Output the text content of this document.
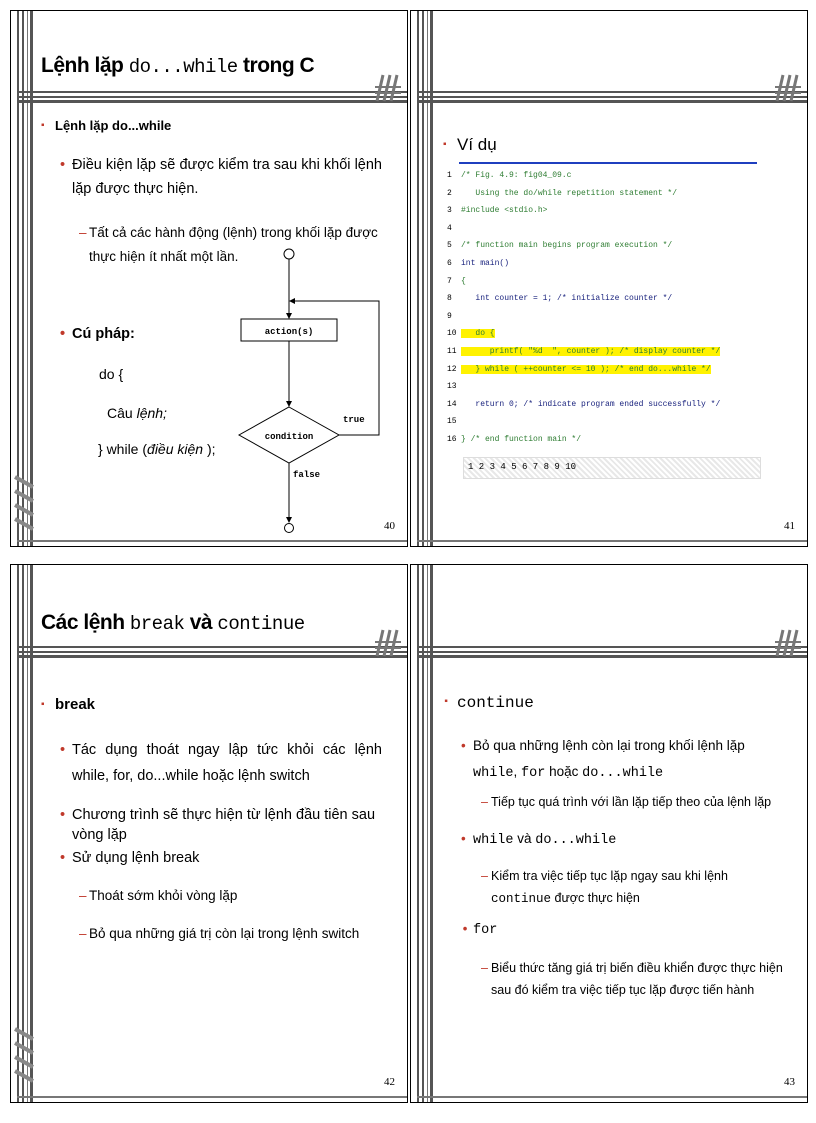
Lệnh lặp do...while trong C
▪ Lệnh lặp do...while
• Điều kiện lặp sẽ được kiểm tra sau khi khối lệnh lặp được thực hiện.
– Tất cả các hành động (lệnh) trong khối lặp được thực hiện ít nhất một lần.
• Cú pháp:
do {
Câu lệnh;
} while (điều kiện );
action(s)
condition
true
false
40
▪ Ví dụ
1 /* Fig. 4.9: fig04_09.c
2 Using the do/while repetition statement */
3 #include <stdio.h>
4
5 /* function main begins program execution */
6 int main()
7 {
8 int counter = 1; /* initialize counter */
9
10 do {
11 printf( "%d  ", counter ); /* display counter */
12 } while ( ++counter <= 10 ); /* end do...while */
13
14 return 0; /* indicate program ended successfully */
15
16 } /* end function main */
1 2 3 4 5 6 7 8 9 10
41
Các lệnh break và continue
▪ break
• Tác dụng thoát ngay lập tức khỏi các lệnh while, for, do...while hoặc lệnh switch
• Chương trình sẽ thực hiện từ lệnh đầu tiên sau vòng lặp
• Sử dụng lệnh break
– Thoát sớm khỏi vòng lặp
– Bỏ qua những giá trị còn lại trong lệnh switch
42
▪ continue
• Bỏ qua những lệnh còn lại trong khối lệnh lặp while, for hoặc do...while
– Tiếp tục quá trình với lần lặp tiếp theo của lệnh lặp
• while và do...while
– Kiểm tra việc tiếp tục lặp ngay sau khi lệnh continue được thực hiện
• for
– Biểu thức tăng giá trị biến điều khiển được thực hiện sau đó kiểm tra việc tiếp tục lặp được tiến hành
43
